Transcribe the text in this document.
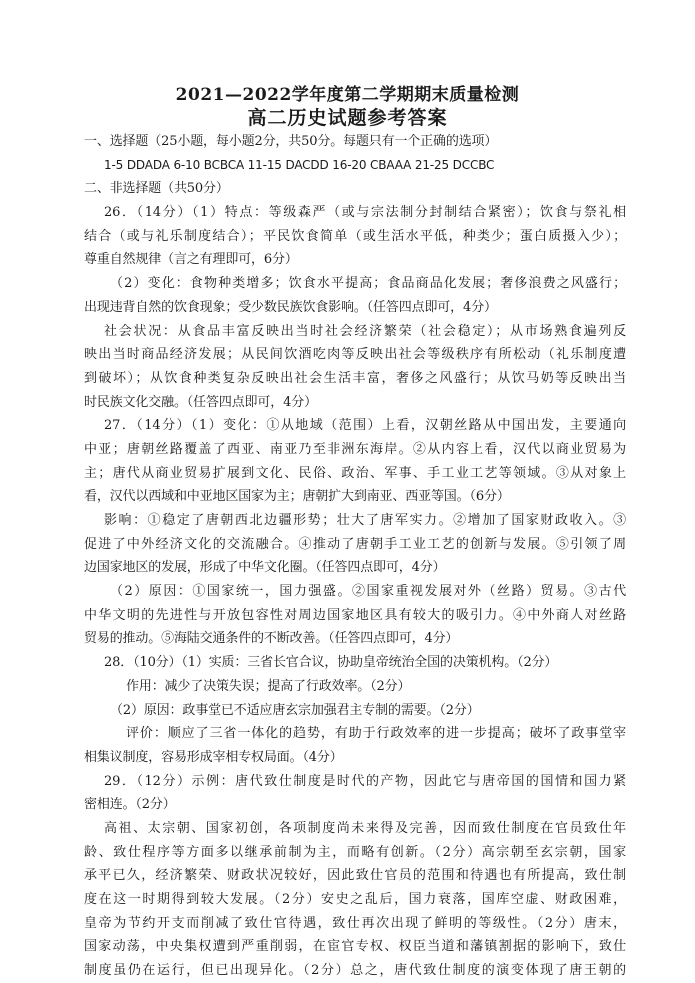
2021—2022学年度第二学期期末质量检测
高二历史试题参考答案
一、选择题（25小题，每小题2分，共50分。每题只有一个正确的选项）
1-5 DDADA 6-10 BCBCA 11-15 DACDD 16-20 CBAAA 21-25 DCCBC
二、非选择题（共50分）
26．（14分）（1）特点：等级森严（或与宗法制分封制结合紧密）；饮食与祭礼相
结合（或与礼乐制度结合）；平民饮食简单（或生活水平低，种类少；蛋白质摄入少）；
尊重自然规律（言之有理即可，6分）
（2）变化：食物种类增多；饮食水平提高；食品商品化发展；奢侈浪费之风盛行；
出现违背自然的饮食现象；受少数民族饮食影响。（任答四点即可，4分）
社会状况：从食品丰富反映出当时社会经济繁荣（社会稳定）；从市场熟食遍列反
映出当时商品经济发展；从民间饮酒吃肉等反映出社会等级秩序有所松动（礼乐制度遭
到破坏）；从饮食种类复杂反映出社会生活丰富，奢侈之风盛行；从饮马奶等反映出当
时民族文化交融。（任答四点即可，4分）
27．（14分）（1）变化：①从地域（范围）上看，汉朝丝路从中国出发，主要通向
中亚；唐朝丝路覆盖了西亚、南亚乃至非洲东海岸。②从内容上看，汉代以商业贸易为
主；唐代从商业贸易扩展到文化、民俗、政治、军事、手工业工艺等领域。③从对象上
看，汉代以西域和中亚地区国家为主；唐朝扩大到南亚、西亚等国。（6分）
影响：①稳定了唐朝西北边疆形势；壮大了唐军实力。②增加了国家财政收入。③
促进了中外经济文化的交流融合。④推动了唐朝手工业工艺的创新与发展。⑤引领了周
边国家地区的发展，形成了中华文化圈。（任答四点即可，4分）
（2）原因：①国家统一，国力强盛。②国家重视发展对外（丝路）贸易。③古代
中华文明的先进性与开放包容性对周边国家地区具有较大的吸引力。④中外商人对丝路
贸易的推动。⑤海陆交通条件的不断改善。（任答四点即可，4分）
28．（10分）（1）实质：三省长官合议，协助皇帝统治全国的决策机构。（2分）
作用：减少了决策失误；提高了行政效率。（2分）
（2）原因：政事堂已不适应唐玄宗加强君主专制的需要。（2分）
评价：顺应了三省一体化的趋势，有助于行政效率的进一步提高；破坏了政事堂宰
相集议制度，容易形成宰相专权局面。（4分）
29．（12分）示例：唐代致仕制度是时代的产物，因此它与唐帝国的国情和国力紧
密相连。（2分）
高祖、太宗朝、国家初创，各项制度尚未来得及完善，因而致仕制度在官员致仕年
龄、致仕程序等方面多以继承前制为主，而略有创新。（2分）高宗朝至玄宗朝，国家
承平已久，经济繁荣、财政状况较好，因此致仕官员的范围和待遇也有所提高，致仕制
度在这一时期得到较大发展。（2分）安史之乱后，国力衰落，国库空虚、财政困难，
皇帝为节约开支而削减了致仕官待遇，致仕再次出现了鲜明的等级性。（2分）唐末，
国家动荡，中央集权遭到严重削弱，在宦官专权、权臣当道和藩镇割据的影响下，致仕
制度虽仍在运行，但已出现异化。（2分）总之，唐代致仕制度的演变体现了唐王朝的
